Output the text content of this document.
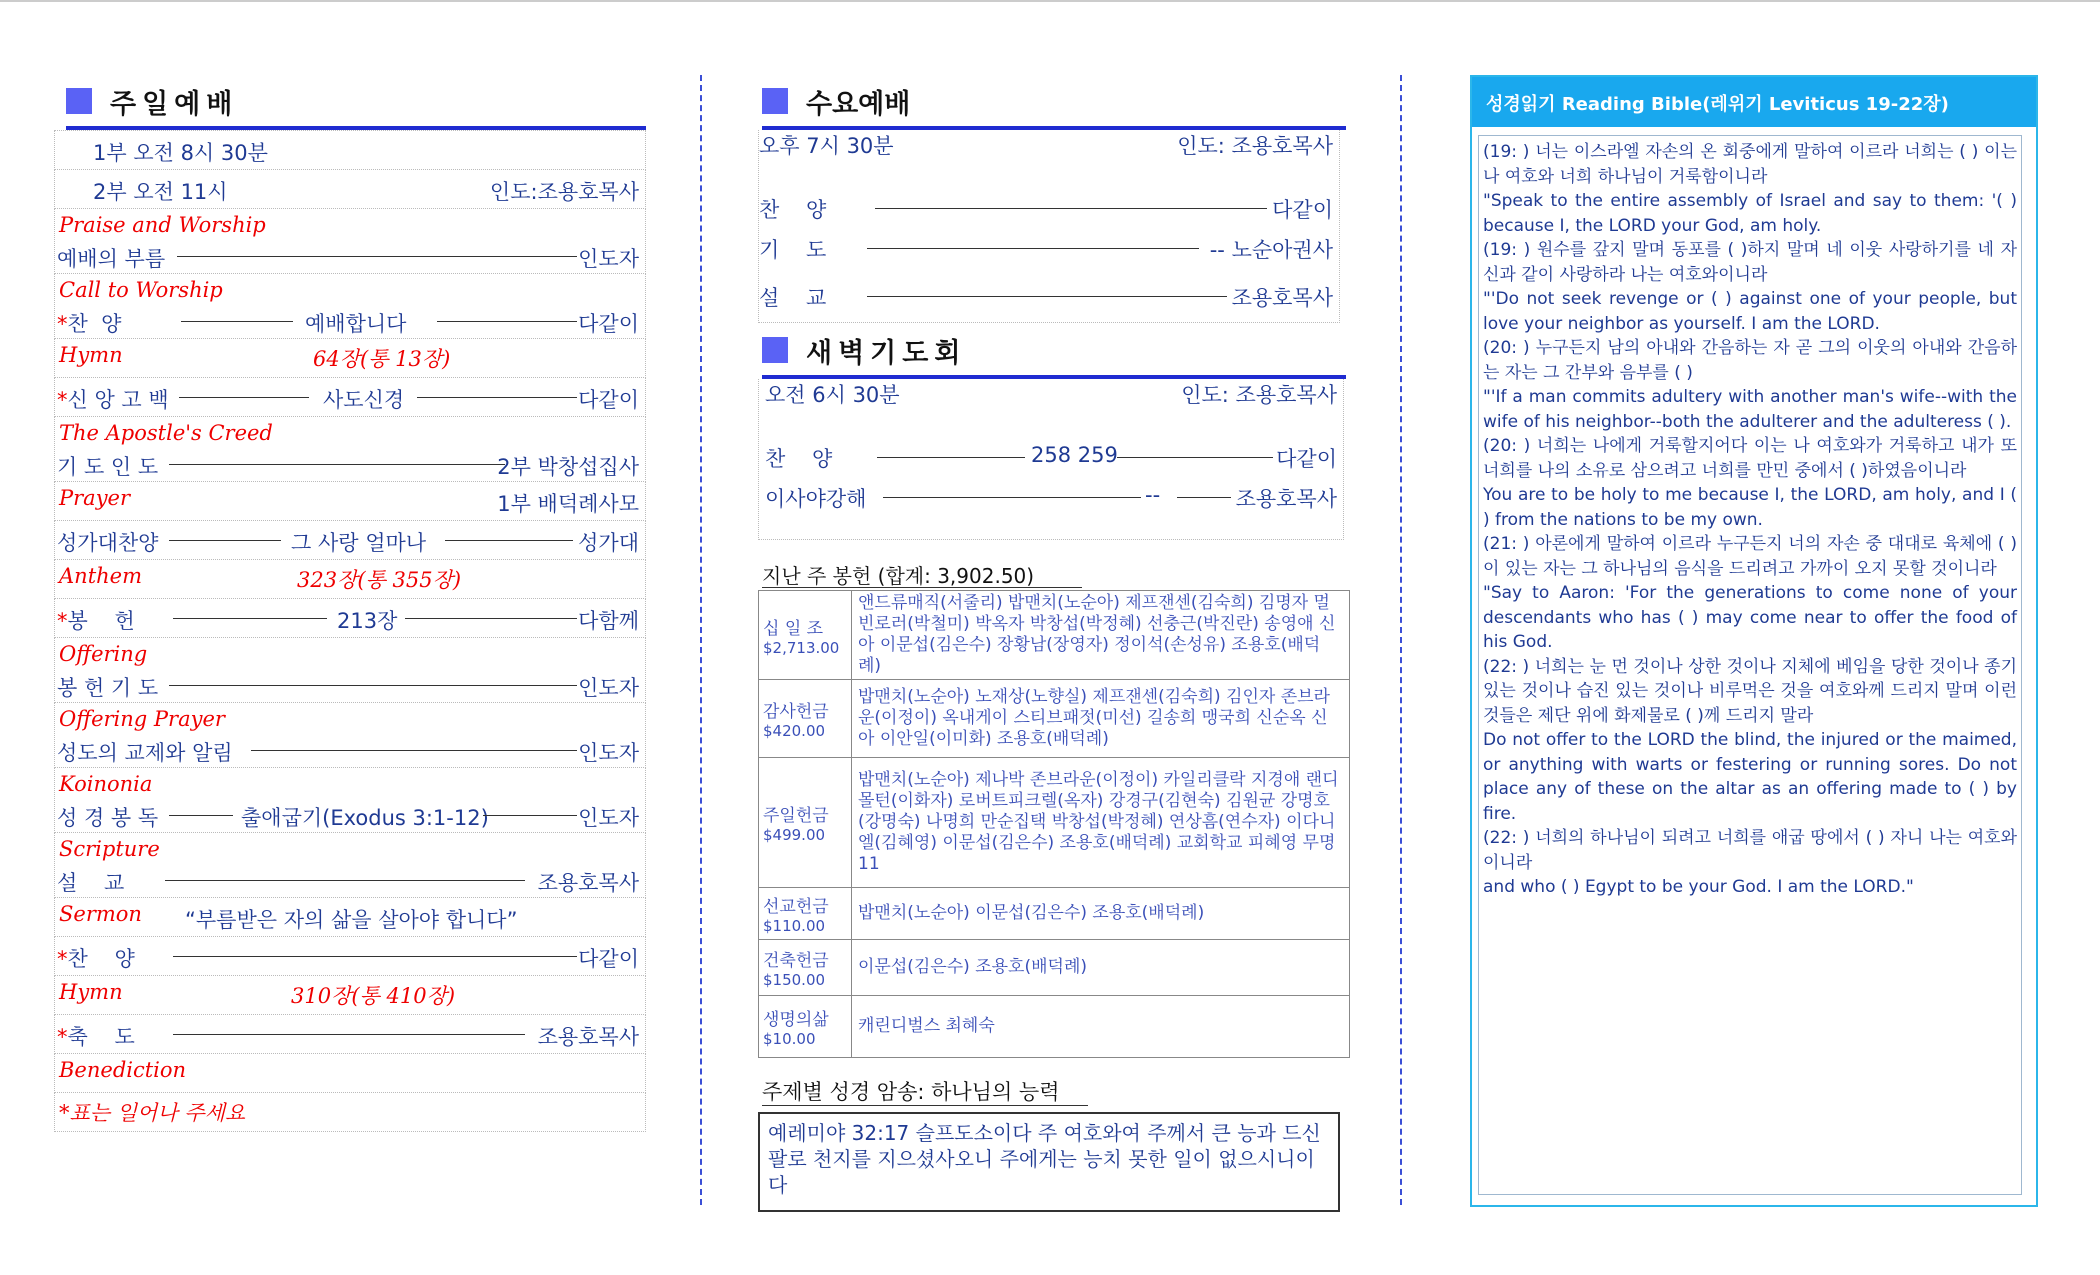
주일예배
1부 오전 8시 30분
2부 오전 11시	인도:조용호목사
Praise and Worship
예배의 부름	인도자
Call to Worship
*찬  양	예배합니다	다같이
Hymn	64장(통 13장)
*신 앙 고 백	사도신경	다같이
The Apostle's Creed
기 도 인 도	2부 박창섭집사
Prayer	1부 배덕례사모
성가대찬양	그 사랑 얼마나	성가대
Anthem	323장(통 355장)
*봉    헌	213장	다함께
Offering
봉 헌 기 도	인도자
Offering Prayer
성도의 교제와 알림	인도자
Koinonia
성 경 봉 독	출애굽기(Exodus 3:1-12)	인도자
Scripture
설    교	조용호목사
Sermon “부름받은 자의 삶을 살아야 합니다”
*찬    양	다같이
Hymn	310장(통 410장)
*축    도	조용호목사
Benediction
*표는 일어나 주세요
수요예배
오후 7시 30분	인도: 조용호목사
찬    양	다같이
기    도	-- 노순아권사
설    교	조용호목사
새벽기도회
오전 6시 30분	인도: 조용호목사
찬    양	258 259	다같이
이사야강해	--	조용호목사
지난 주 봉헌 (합계: 3,902.50)
십 일 조
$2,713.00	앤드류매직(서줄리) 밥맨치(노순아) 제프잰센(김숙희) 김명자 멀빈로러(박철미) 박옥자 박창섭(박정혜) 선충근(박진란) 송영애 신아 이문섭(김은수) 장황남(장영자) 정이석(손성유) 조용호(배덕례)

감사헌금
$420.00	밥맨치(노순아) 노재상(노향실) 제프잰센(김숙희) 김인자 존브라운(이정이) 옥내게이 스티브패젓(미선) 길송희 맹국희 신순옥 신아 이안일(이미화) 조용호(배덕례)

주일헌금
$499.00	밥맨치(노순아) 제나박 존브라운(이정이) 카일리클락 지경애 랜디몰턴(이화자) 로버트피크렐(옥자) 강경구(김현숙) 김원균 강명호(강명숙) 나명희 만순집택 박창섭(박정혜) 연상흠(연수자) 이다니엘(김혜영) 이문섭(김은수) 조용호(배덕례) 교회학교 피혜영 무명11

선교헌금
$110.00	밥맨치(노순아) 이문섭(김은수) 조용호(배덕례)

건축헌금
$150.00	이문섭(김은수) 조용호(배덕례)

생명의삶
$10.00	캐린디벌스 최혜숙
주제별 성경 암송: 하나님의 능력
예레미야 32:17 슬프도소이다 주 여호와여 주께서 큰 능과 드신 팔로 천지를 지으셨사오니 주에게는 능치 못한 일이 없으시니이다
성경읽기 Reading Bible(레위기 Leviticus 19-22장)

(19: ) 너는 이스라엘 자손의 온 회중에게 말하여 이르라 너희는 ( ) 이는 나 여호와 너희 하나님이 거룩함이니라

"Speak to the entire assembly of Israel and say to them: '( ) because I, the LORD your God, am holy.

(19: ) 원수를 갚지 말며 동포를 ( )하지 말며 네 이웃 사랑하기를 네 자신과 같이 사랑하라 나는 여호와이니라

"'Do not seek revenge or ( ) against one of your people, but love your neighbor as yourself. I am the LORD.

(20: ) 누구든지 남의 아내와 간음하는 자 곧 그의 이웃의 아내와 간음하는 자는 그 간부와 음부를 ( )

"'If a man commits adultery with another man's wife--with the wife of his neighbor--both the adulterer and the adulteress ( ).

(20: ) 너희는 나에게 거룩할지어다 이는 나 여호와가 거룩하고 내가 또 너희를 나의 소유로 삼으려고 너희를 만민 중에서 ( )하였음이니라

You are to be holy to me because I, the LORD, am holy, and I ( ) from the nations to be my own.

(21: ) 아론에게 말하여 이르라 누구든지 너의 자손 중 대대로 육체에 ( )이 있는 자는 그 하나님의 음식을 드리려고 가까이 오지 못할 것이니라

"Say to Aaron: 'For the generations to come none of your descendants who has ( ) may come near to offer the food of his God.

(22: ) 너희는 눈 먼 것이나 상한 것이나 지체에 베임을 당한 것이나 종기 있는 것이나 습진 있는 것이나 비루먹은 것을 여호와께 드리지 말며 이런 것들은 제단 위에 화제물로 ( )께 드리지 말라

Do not offer to the LORD the blind, the injured or the maimed, or anything with warts or festering or running sores. Do not place any of these on the altar as an offering made to ( ) by fire.

(22: ) 너희의 하나님이 되려고 너희를 애굽 땅에서 ( ) 자니 나는 여호와이니라

and who ( ) Egypt to be your God. I am the LORD."
